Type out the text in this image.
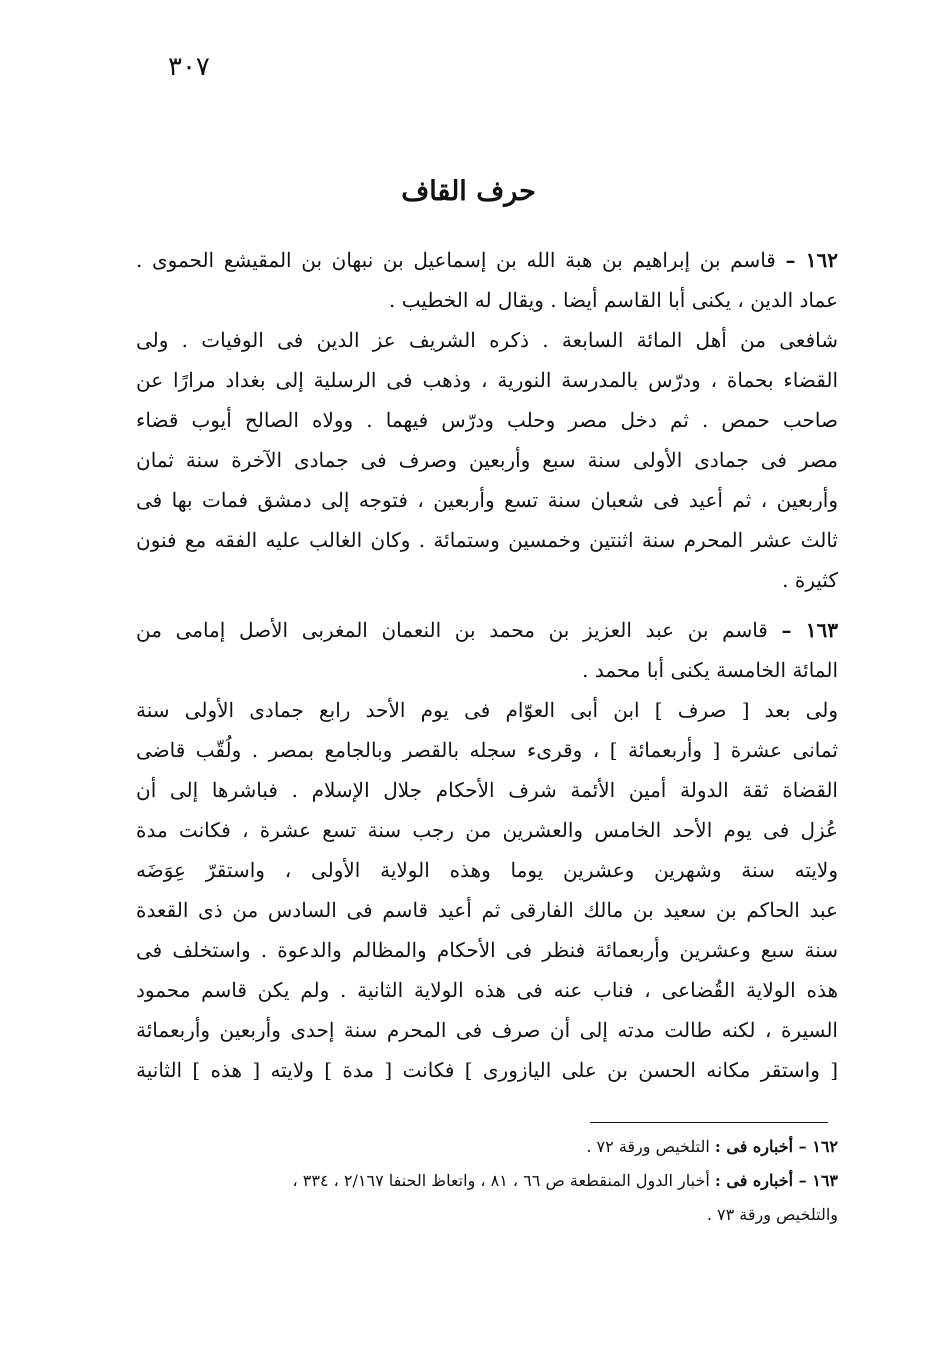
٣٠٧
حرف القاف
١٦٢ – قاسم بن إبراهيم بن هبة الله بن إسماعيل بن نبهان بن المقيشع الحموى .
عماد الدين ، يكنى أبا القاسم أيضا . ويقال له الخطيب .
شافعى من أهل المائة السابعة . ذكره الشريف عز الدين فى الوفيات . ولى
القضاء بحماة ، ودرّس بالمدرسة النورية ، وذهب فى الرسلية إلى بغداد مرارًا عن
صاحب حمص . ثم دخل مصر وحلب ودرّس فيهما . وولاه الصالح أيوب قضاء
مصر فى جمادى الأولى سنة سبع وأربعين وصرف فى جمادى الآخرة سنة ثمان
وأربعين ، ثم أعيد فى شعبان سنة تسع وأربعين ، فتوجه إلى دمشق فمات بها فى
ثالث عشر المحرم سنة اثنتين وخمسين وستمائة . وكان الغالب عليه الفقه مع فنون
كثيرة .
١٦٣ – قاسم بن عبد العزيز بن محمد بن النعمان المغربى الأصل إمامى من
المائة الخامسة يكنى أبا محمد .
ولى بعد [ صرف ] ابن أبى العوّام فى يوم الأحد رابع جمادى الأولى سنة
ثمانى عشرة [ وأربعمائة ] ، وقرىء سجله بالقصر وبالجامع بمصر . ولُقّب قاضى
القضاة ثقة الدولة أمين الأئمة شرف الأحكام جلال الإسلام . فباشرها إلى أن
عُزل فى يوم الأحد الخامس والعشرين من رجب سنة تسع عشرة ، فكانت مدة
ولايته سنة وشهرين وعشرين يوما وهذه الولاية الأولى ، واستقرّ عِوَضَه
عبد الحاكم بن سعيد بن مالك الفارقى ثم أعيد قاسم فى السادس من ذى القعدة
سنة سبع وعشرين وأربعمائة فنظر فى الأحكام والمظالم والدعوة . واستخلف فى
هذه الولاية القُضاعى ، فناب عنه فى هذه الولاية الثانية . ولم يكن قاسم محمود
السيرة ، لكنه طالت مدته إلى أن صرف فى المحرم سنة إحدى وأربعين وأربعمائة
[ واستقر مكانه الحسن بن على اليازورى ] فكانت [ مدة ] ولايته [ هذه ] الثانية
١٦٢ – أخباره فى : التلخيص ورقة ٧٢ .
١٦٣ – أخباره فى : أخبار الدول المنقطعة ص ٦٦ ، ٨١ ، واتعاظ الحنفا ٢/١٦٧ ، ٣٣٤ ،
والتلخيص ورقة ٧٣ .
